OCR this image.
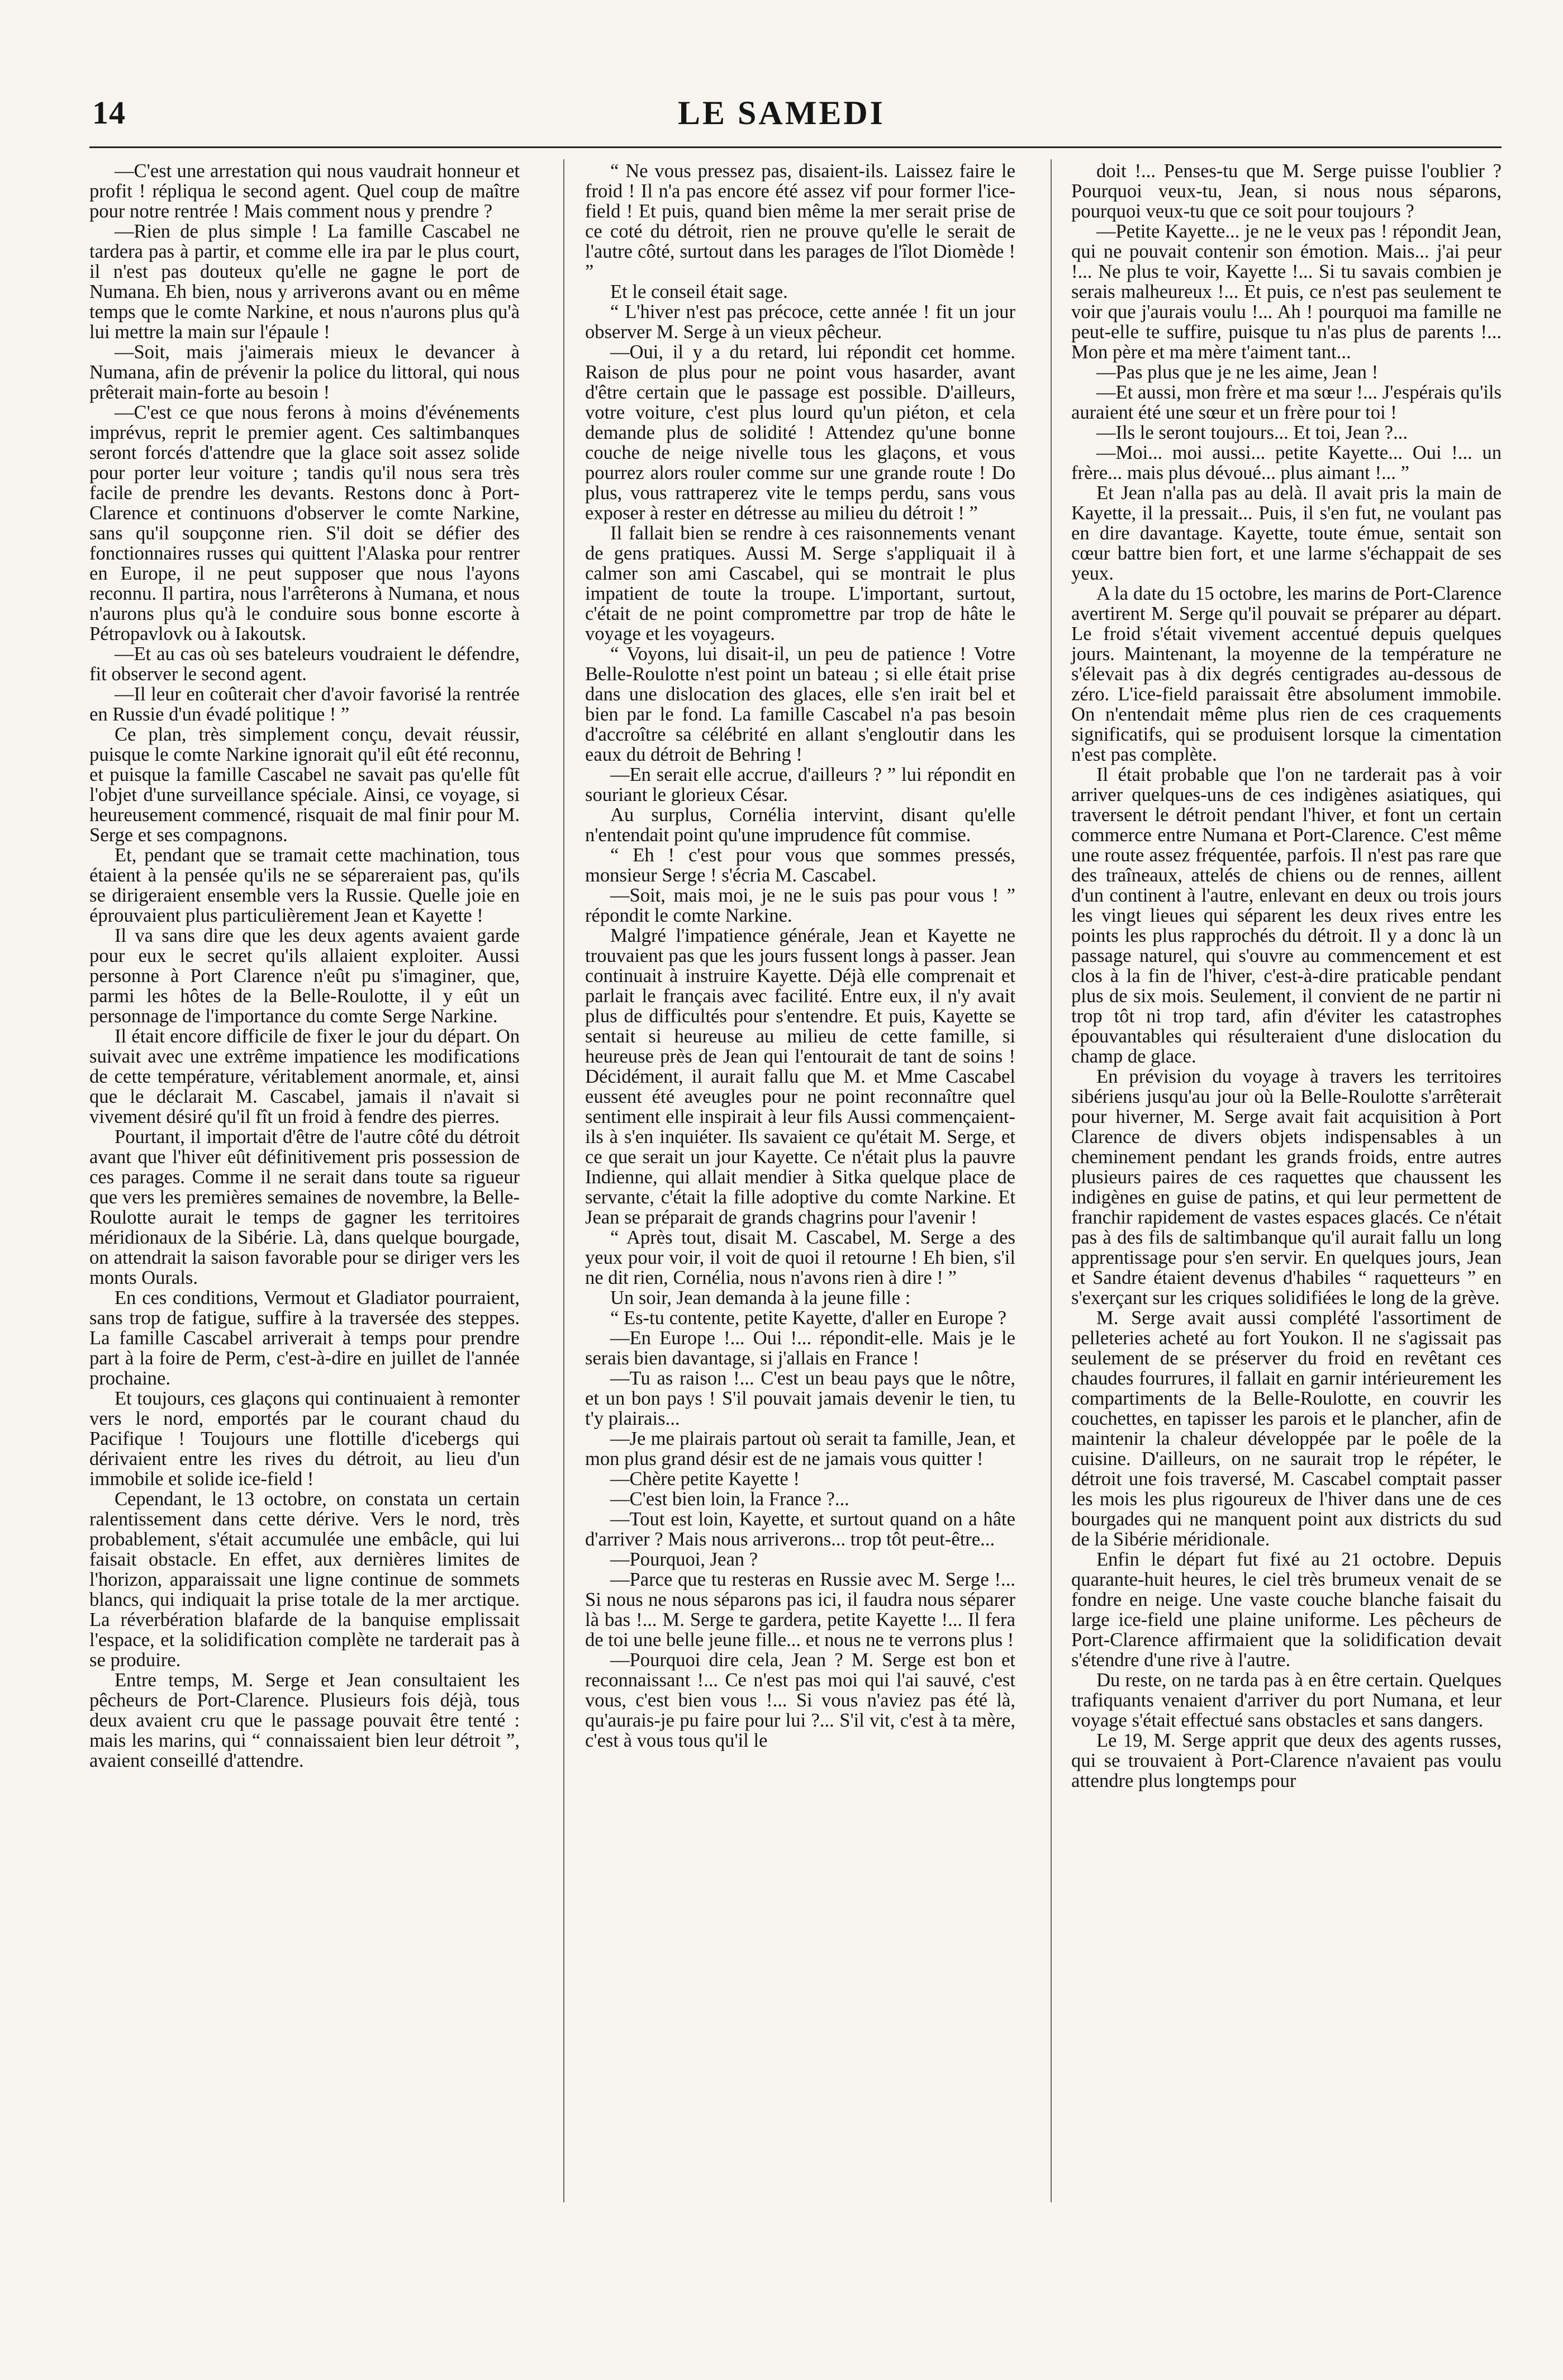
14	LE SAMEDI

—C'est une arrestation qui nous vaudrait honneur et profit ! répliqua le second agent. Quel coup de maître pour notre rentrée ! Mais comment nous y prendre ?

—Rien de plus simple ! La famille Cascabel ne tardera pas à partir, et comme elle ira par le plus court, il n'est pas douteux qu'elle ne gagne le port de Numana. Eh bien, nous y arriverons avant ou en même temps que le comte Narkine, et nous n'aurons plus qu'à lui mettre la main sur l'épaule !

—Soit, mais j'aimerais mieux le devancer à Numana, afin de prévenir la police du littoral, qui nous prêterait main-forte au besoin !

—C'est ce que nous ferons à moins d'événements imprévus, reprit le premier agent. Ces saltimbanques seront forcés d'attendre que la glace soit assez solide pour porter leur voiture ; tandis qu'il nous sera très facile de prendre les devants. Restons donc à Port-Clarence et continuons d'observer le comte Narkine, sans qu'il soupçonne rien. S'il doit se défier des fonctionnaires russes qui quittent l'Alaska pour rentrer en Europe, il ne peut supposer que nous l'ayons reconnu. Il partira, nous l'arrêterons à Numana, et nous n'aurons plus qu'à le conduire sous bonne escorte à Pétropavlovk ou à Iakoutsk.

—Et au cas où ses bateleurs voudraient le défendre, fit observer le second agent.

—Il leur en coûterait cher d'avoir favorisé la rentrée en Russie d'un évadé politique ! ”

Ce plan, très simplement conçu, devait réussir, puisque le comte Narkine ignorait qu'il eût été reconnu, et puisque la famille Cascabel ne savait pas qu'elle fût l'objet d'une surveillance spéciale. Ainsi, ce voyage, si heureusement commencé, risquait de mal finir pour M. Serge et ses compagnons.

Et, pendant que se tramait cette machination, tous étaient à la pensée qu'ils ne se sépareraient pas, qu'ils se dirigeraient ensemble vers la Russie. Quelle joie en éprouvaient plus particulièrement Jean et Kayette !

Il va sans dire que les deux agents avaient garde pour eux le secret qu'ils allaient exploiter. Aussi personne à Port Clarence n'eût pu s'imaginer, que, parmi les hôtes de la Belle-Roulotte, il y eût un personnage de l'importance du comte Serge Narkine.

Il était encore difficile de fixer le jour du départ. On suivait avec une extrême impatience les modifications de cette température, véritablement anormale, et, ainsi que le déclarait M. Cascabel, jamais il n'avait si vivement désiré qu'il fît un froid à fendre des pierres.

Pourtant, il importait d'être de l'autre côté du détroit avant que l'hiver eût définitivement pris possession de ces parages. Comme il ne serait dans toute sa rigueur que vers les premières semaines de novembre, la Belle-Roulotte aurait le temps de gagner les territoires méridionaux de la Sibérie. Là, dans quelque bourgade, on attendrait la saison favorable pour se diriger vers les monts Ourals.

En ces conditions, Vermout et Gladiator pourraient, sans trop de fatigue, suffire à la traversée des steppes. La famille Cascabel arriverait à temps pour prendre part à la foire de Perm, c'est-à-dire en juillet de l'année prochaine.

Et toujours, ces glaçons qui continuaient à remonter vers le nord, emportés par le courant chaud du Pacifique ! Toujours une flottille d'icebergs qui dérivaient entre les rives du détroit, au lieu d'un immobile et solide ice-field !

Cependant, le 13 octobre, on constata un certain ralentissement dans cette dérive. Vers le nord, très probablement, s'était accumulée une embâcle, qui lui faisait obstacle. En effet, aux dernières limites de l'horizon, apparaissait une ligne continue de sommets blancs, qui indiquait la prise totale de la mer arctique. La réverbération blafarde de la banquise emplissait l'espace, et la solidification complète ne tarderait pas à se produire.

Entre temps, M. Serge et Jean consultaient les pêcheurs de Port-Clarence. Plusieurs fois déjà, tous deux avaient cru que le passage pouvait être tenté : mais les marins, qui “ connaissaient bien leur détroit ”, avaient conseillé d'attendre.

“ Ne vous pressez pas, disaient-ils. Laissez faire le froid ! Il n'a pas encore été assez vif pour former l'ice-field ! Et puis, quand bien même la mer serait prise de ce coté du détroit, rien ne prouve qu'elle le serait de l'autre côté, surtout dans les parages de l'îlot Diomède ! ”

Et le conseil était sage.

“ L'hiver n'est pas précoce, cette année ! fit un jour observer M. Serge à un vieux pêcheur.

—Oui, il y a du retard, lui répondit cet homme. Raison de plus pour ne point vous hasarder, avant d'être certain que le passage est possible. D'ailleurs, votre voiture, c'est plus lourd qu'un piéton, et cela demande plus de solidité ! Attendez qu'une bonne couche de neige nivelle tous les glaçons, et vous pourrez alors rouler comme sur une grande route ! Do plus, vous rattraperez vite le temps perdu, sans vous exposer à rester en détresse au milieu du détroit ! ”

Il fallait bien se rendre à ces raisonnements venant de gens pratiques. Aussi M. Serge s'appliquait il à calmer son ami Cascabel, qui se montrait le plus impatient de toute la troupe. L'important, surtout, c'était de ne point compromettre par trop de hâte le voyage et les voyageurs.

“ Voyons, lui disait-il, un peu de patience ! Votre Belle-Roulotte n'est point un bateau ; si elle était prise dans une dislocation des glaces, elle s'en irait bel et bien par le fond. La famille Cascabel n'a pas besoin d'accroître sa célébrité en allant s'engloutir dans les eaux du détroit de Behring !

—En serait elle accrue, d'ailleurs ? ” lui répondit en souriant le glorieux César.

Au surplus, Cornélia intervint, disant qu'elle n'entendait point qu'une imprudence fût commise.

“ Eh ! c'est pour vous que sommes pressés, monsieur Serge ! s'écria M. Cascabel.

—Soit, mais moi, je ne le suis pas pour vous ! ” répondit le comte Narkine.

Malgré l'impatience générale, Jean et Kayette ne trouvaient pas que les jours fussent longs à passer. Jean continuait à instruire Kayette. Déjà elle comprenait et parlait le français avec facilité. Entre eux, il n'y avait plus de difficultés pour s'entendre. Et puis, Kayette se sentait si heureuse au milieu de cette famille, si heureuse près de Jean qui l'entourait de tant de soins ! Décidément, il aurait fallu que M. et Mme Cascabel eussent été aveugles pour ne point reconnaître quel sentiment elle inspirait à leur fils Aussi commençaient-ils à s'en inquiéter. Ils savaient ce qu'était M. Serge, et ce que serait un jour Kayette. Ce n'était plus la pauvre Indienne, qui allait mendier à Sitka quelque place de servante, c'était la fille adoptive du comte Narkine. Et Jean se préparait de grands chagrins pour l'avenir !

“ Après tout, disait M. Cascabel, M. Serge a des yeux pour voir, il voit de quoi il retourne ! Eh bien, s'il ne dit rien, Cornélia, nous n'avons rien à dire ! ”

Un soir, Jean demanda à la jeune fille :

“ Es-tu contente, petite Kayette, d'aller en Europe ?

—En Europe !... Oui !... répondit-elle. Mais je le serais bien davantage, si j'allais en France !

—Tu as raison !... C'est un beau pays que le nôtre, et un bon pays ! S'il pouvait jamais devenir le tien, tu t'y plairais...

—Je me plairais partout où serait ta famille, Jean, et mon plus grand désir est de ne jamais vous quitter !

—Chère petite Kayette !

—C'est bien loin, la France ?...

—Tout est loin, Kayette, et surtout quand on a hâte d'arriver ? Mais nous arriverons... trop tôt peut-être...

—Pourquoi, Jean ?

—Parce que tu resteras en Russie avec M. Serge !... Si nous ne nous séparons pas ici, il faudra nous séparer là bas !... M. Serge te gardera, petite Kayette !... Il fera de toi une belle jeune fille... et nous ne te verrons plus !

—Pourquoi dire cela, Jean ? M. Serge est bon et reconnaissant !... Ce n'est pas moi qui l'ai sauvé, c'est vous, c'est bien vous !... Si vous n'aviez pas été là, qu'aurais-je pu faire pour lui ?... S'il vit, c'est à ta mère, c'est à vous tous qu'il le

doit !... Penses-tu que M. Serge puisse l'oublier ? Pourquoi veux-tu, Jean, si nous nous séparons, pourquoi veux-tu que ce soit pour toujours ?

—Petite Kayette... je ne le veux pas ! répondit Jean, qui ne pouvait contenir son émotion. Mais... j'ai peur !... Ne plus te voir, Kayette !... Si tu savais combien je serais malheureux !... Et puis, ce n'est pas seulement te voir que j'aurais voulu !... Ah ! pourquoi ma famille ne peut-elle te suffire, puisque tu n'as plus de parents !... Mon père et ma mère t'aiment tant...

—Pas plus que je ne les aime, Jean !

—Et aussi, mon frère et ma sœur !... J'espérais qu'ils auraient été une sœur et un frère pour toi !

—Ils le seront toujours... Et toi, Jean ?...

—Moi... moi aussi... petite Kayette... Oui !... un frère... mais plus dévoué... plus aimant !... ”

Et Jean n'alla pas au delà. Il avait pris la main de Kayette, il la pressait... Puis, il s'en fut, ne voulant pas en dire davantage. Kayette, toute émue, sentait son cœur battre bien fort, et une larme s'échappait de ses yeux.

A la date du 15 octobre, les marins de Port-Clarence avertirent M. Serge qu'il pouvait se préparer au départ. Le froid s'était vivement accentué depuis quelques jours. Maintenant, la moyenne de la température ne s'élevait pas à dix degrés centigrades au-dessous de zéro. L'ice-field paraissait être absolument immobile. On n'entendait même plus rien de ces craquements significatifs, qui se produisent lorsque la cimentation n'est pas complète.

Il était probable que l'on ne tarderait pas à voir arriver quelques-uns de ces indigènes asiatiques, qui traversent le détroit pendant l'hiver, et font un certain commerce entre Numana et Port-Clarence. C'est même une route assez fréquentée, parfois. Il n'est pas rare que des traîneaux, attelés de chiens ou de rennes, aillent d'un continent à l'autre, enlevant en deux ou trois jours les vingt lieues qui séparent les deux rives entre les points les plus rapprochés du détroit. Il y a donc là un passage naturel, qui s'ouvre au commencement et est clos à la fin de l'hiver, c'est-à-dire praticable pendant plus de six mois. Seulement, il convient de ne partir ni trop tôt ni trop tard, afin d'éviter les catastrophes épouvantables qui résulteraient d'une dislocation du champ de glace.

En prévision du voyage à travers les territoires sibériens jusqu'au jour où la Belle-Roulotte s'arrêterait pour hiverner, M. Serge avait fait acquisition à Port Clarence de divers objets indispensables à un cheminement pendant les grands froids, entre autres plusieurs paires de ces raquettes que chaussent les indigènes en guise de patins, et qui leur permettent de franchir rapidement de vastes espaces glacés. Ce n'était pas à des fils de saltimbanque qu'il aurait fallu un long apprentissage pour s'en servir. En quelques jours, Jean et Sandre étaient devenus d'habiles “ raquetteurs ” en s'exerçant sur les criques solidifiées le long de la grève.

M. Serge avait aussi complété l'assortiment de pelleteries acheté au fort Youkon. Il ne s'agissait pas seulement de se préserver du froid en revêtant ces chaudes fourrures, il fallait en garnir intérieurement les compartiments de la Belle-Roulotte, en couvrir les couchettes, en tapisser les parois et le plancher, afin de maintenir la chaleur développée par le poêle de la cuisine. D'ailleurs, on ne saurait trop le répéter, le détroit une fois traversé, M. Cascabel comptait passer les mois les plus rigoureux de l'hiver dans une de ces bourgades qui ne manquent point aux districts du sud de la Sibérie méridionale.

Enfin le départ fut fixé au 21 octobre. Depuis quarante-huit heures, le ciel très brumeux venait de se fondre en neige. Une vaste couche blanche faisait du large ice-field une plaine uniforme. Les pêcheurs de Port-Clarence affirmaient que la solidification devait s'étendre d'une rive à l'autre.

Du reste, on ne tarda pas à en être certain. Quelques trafiquants venaient d'arriver du port Numana, et leur voyage s'était effectué sans obstacles et sans dangers.

Le 19, M. Serge apprit que deux des agents russes, qui se trouvaient à Port-Clarence n'avaient pas voulu attendre plus longtemps pour
